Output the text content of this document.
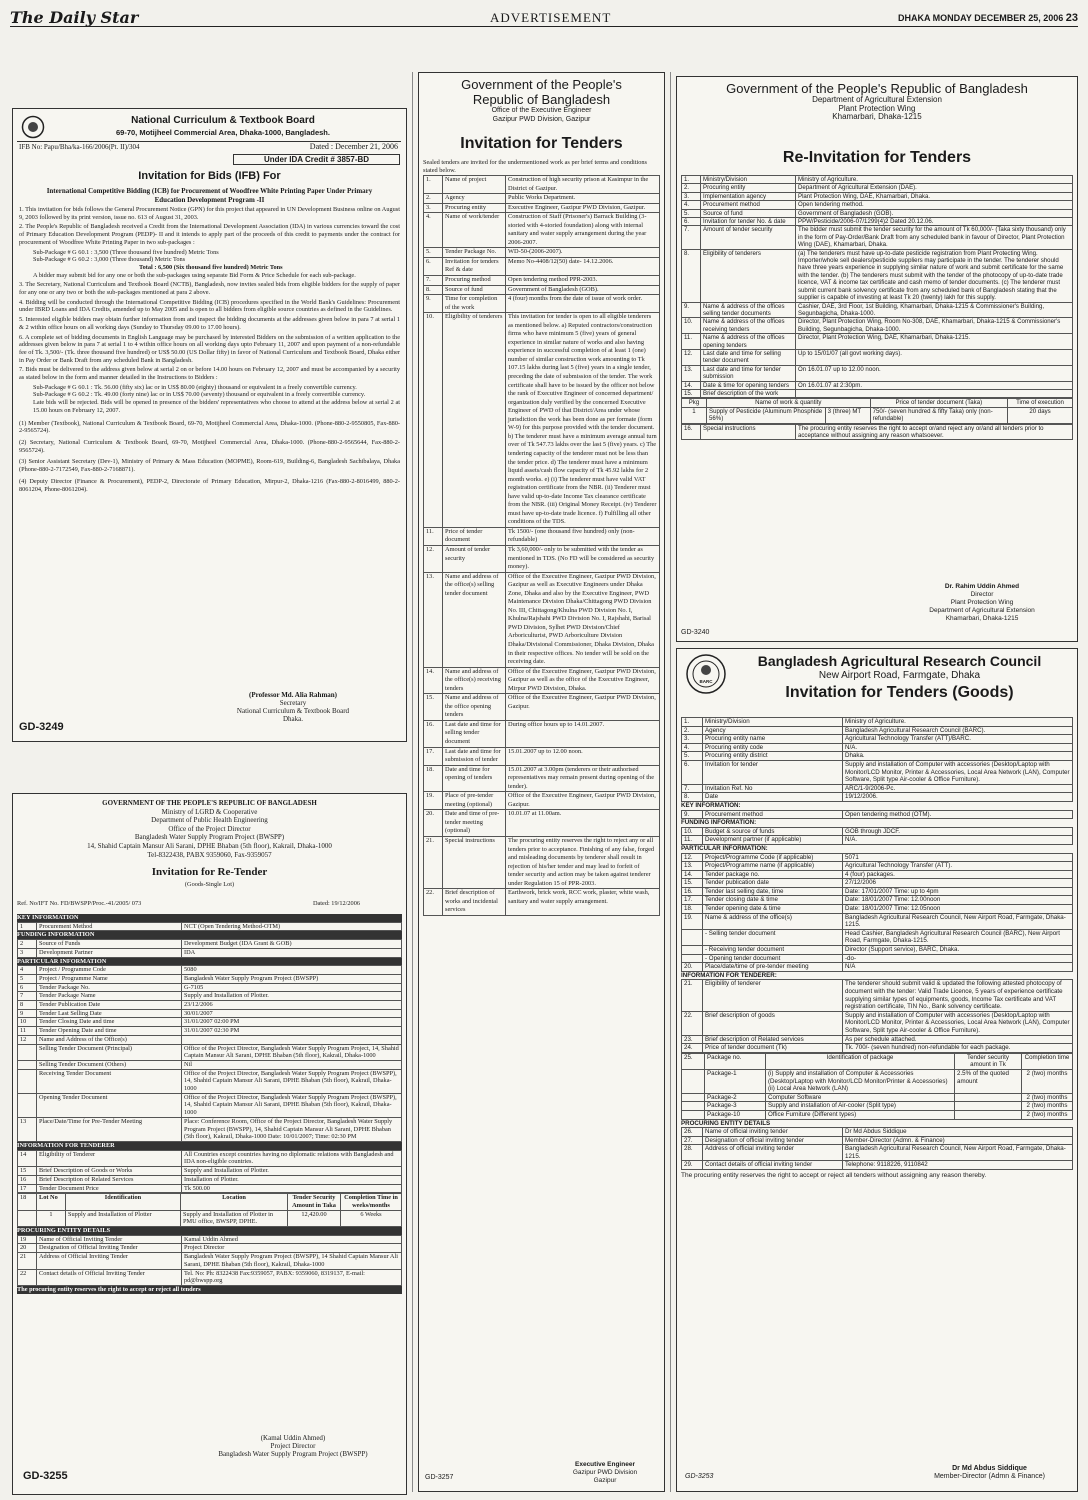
The Daily Star	ADVERTISEMENT	DHAKA MONDAY DECEMBER 25, 2006 23
National Curriculum & Textbook Board
69-70, Motijheel Commercial Area, Dhaka-1000, Bangladesh.
IFB No: Papu/Bha/ka-166/2006(Pt. II)/304	Dated : December 21, 2006
Under IDA Credit # 3857-BD
Invitation for Bids (IFB) For
International Competitive Bidding (ICB) for Procurement of Woodfree White Printing Paper Under Primary Education Development Program -II

1. This invitation for bids follows the General Procurement Notice (GPN) for this project that appeared in UN Development Business online on August 9, 2003 followed by its print version, issue no. 613 of August 31, 2003.

2. The People's Republic of Bangladesh received a Credit from the International Development Association (IDA) in various currencies toward the cost of Primary Education Development Program (PEDP)- II and it intends to apply part of the proceeds of this credit to payments under the contract for procurement of Woodfree White Printing Paper in two sub-packages :

Sub-Package # G 60.1 : 3,500 (Three thousand five hundred) Metric Tons
Sub-Package # G 60.2 : 3,000 (Three thousand) Metric Tons
Total : 6,500 (Six thousand five hundred) Metric Tons

A bidder may submit bid for any one or both the sub-packages using separate Bid Form & Price Schedule for each sub-package.

3. The Secretary, National Curriculum and Textbook Board (NCTB), Bangladesh, now invites sealed bids from eligible bidders for the supply of paper for any one or any two or both the sub-packages mentioned at para 2 above.

4. Bidding will be conducted through the International Competitive Bidding (ICB) procedures specified in the World Bank's Guidelines: Procurement under IBRD Loans and IDA Credits, amended up to May 2005 and is open to all bidders from eligible source countries as defined in the Guidelines.

5. Interested eligible bidders may obtain further information from and inspect the bidding documents at the addresses given below in para 7 at serial 1 & 2 within office hours on all working days (Sunday to Thursday 09.00 to 17.00 hours).

6. A complete set of bidding documents in English Language may be purchased by interested Bidders on the submission of a written application to the addresses given below in para 7 at serial 1 to 4 within office hours on all working days upto February 11, 2007 and upon payment of a non-refundable fee of Tk. 3,500/- (Tk. three thousand five hundred) or US$ 50.00 (US Dollar fifty) in favor of National Curriculum and Textbook Board, Dhaka either in Pay Order or Bank Draft from any scheduled Bank in Bangladesh.

7. Bids must be delivered to the address given below at serial 2 on or before 14.00 hours on February 12, 2007 and must be accompanied by a security as stated below in the form and manner detailed in the Instructions to Bidders :

Sub-Package # G 60.1 : Tk. 56.00 (fifty six) lac or in US$ 80.00 (eighty) thousand or equivalent in a freely convertible currency.
Sub-Package # G 60.2 : Tk. 49.00 (forty nine) lac or in US$ 70.00 (seventy) thousand or equivalent in a freely convertible currency.

Late bids will be rejected. Bids will be opened in presence of the bidders' representatives who choose to attend at the address below at serial 2 at 15.00 hours on February 12, 2007.

(1) Member (Textbook), National Curriculum & Textbook Board, 69-70, Motijheel Commercial Area, Dhaka-1000. (Phone-880-2-9550805, Fax-880-2-9565724).

(2) Secretary, National Curriculum & Textbook Board, 69-70, Motijheel Commercial Area, Dhaka-1000. (Phone-880-2-9565644, Fax-880-2-9565724).

(3) Senior Assistant Secretary (Dev-1), Ministry of Primary & Mass Education (MOPME), Room-619, Building-6, Bangladesh Sachibalaya, Dhaka (Phone-880-2-7172549, Fax-880-2-7168871).

(4) Deputy Director (Finance & Procurement), PEDP-2, Directorate of Primary Education, Mirpur-2, Dhaka-1216 (Fax-880-2-8016499, 880-2-8061204, Phone-8061204).

(Professor Md. Alia Rahman)
Secretary
National Curriculum & Textbook Board
Dhaka.
GD-3249
GOVERNMENT OF THE PEOPLE'S REPUBLIC OF BANGLADESH
Ministry of LGRD & Cooperative
Department of Public Health Engineering
Office of the Project Director
Bangladesh Water Supply Program Project (BWSPP)
14, Shahid Captain Mansur Ali Sarani, DPHE Bhaban (5th floor), Kakrail, Dhaka-1000
Tel-8322438, PABX 9359060, Fax-9359057
Invitation for Re-Tender
(Goods-Single Lot)
Ref. No/IFT No. FD/BWSPP/Proc.-41/2005/ 073	Dated: 19/12/2006
KEY INFORMATION
1	Procurement Method	NCT (Open Tendering Method-OTM)
FUNDING INFORMATION
2	Source of Funds	Development Budget (IDA Grant & GOB)
3	Development Partner	IDA
PARTICULAR INFORMATION
4	Project / Programme Code	5080
5	Project / Programme Name	Bangladesh Water Supply Program Project (BWSPP)
6	Tender Package No.	G-7105
7	Tender Package Name	Supply and Installation of Plotter.
8	Tender Publication Date	23/12/2006
9	Tender Last Selling Date	30/01/2007
10	Tender Closing Date and time	31/01/2007 02:00 PM
11	Tender Opening Date and time	31/01/2007 02:30 PM
12	Name and Address of the Office(s)	
	Selling Tender Document (Principal)	Office of the Project Director, Bangladesh Water Supply Program Project, 14, Shahid Captain Mansur Ali Sarani, DPHE Bhaban (5th floor), Kakrail, Dhaka-1000
	Selling Tender Document (Others)	Nil
	Receiving Tender Document	Office of the Project Director, Bangladesh Water Supply Program Project (BWSPP), 14, Shahid Captain Mansur Ali Sarani, DPHE Bhaban (5th floor), Kakrail, Dhaka-1000
	Opening Tender Document	Office of the Project Director, Bangladesh Water Supply Program Project (BWSPP), 14, Shahid Captain Mansur Ali Sarani, DPHE Bhaban (5th floor), Kakrail, Dhaka-1000
13	Place/Date/Time for Pre-Tender Meeting	Place: Conference Room, Office of the Project Director, Bangladesh Water Supply Program Project (BWSPP), 14, Shahid Captain Mansur Ali Sarani, DPHE Bhaban (5th floor), Kakrail, Dhaka-1000 Date: 10/01/2007; Time: 02:30 PM
INFORMATION FOR TENDERER
14	Eligibility of Tenderer	All Countries except countries having no diplomatic relations with Bangladesh and IDA non-eligible countries.
15	Brief Description of Goods or Works	Supply and Installation of Plotter.
16	Brief Description of Related Services	Installation of Plotter.
17	Tender Document Price	Tk 500.00
18	Lot No	Identification	Location	Tender Security Amount in Taka	Completion Time in weeks/months
	1	Supply and Installation of Plotter	Supply and Installation of Plotter in PMU office, BWSPP, DPHE.	12,420.00	6 Weeks
PROCURING ENTITY DETAILS
19	Name of Official Inviting Tender	Kamal Uddin Ahmed
20	Designation of Official Inviting Tender	Project Director
21	Address of Official Inviting Tender	Bangladesh Water Supply Program Project (BWSPP), 14 Shahid Captain Mansur Ali Sarani, DPHE Bhaban (5th floor), Kakrail, Dhaka-1000
22	Contact details of Official Inviting Tender	Tel. No: Ph: 8322438 Fax:9359057, PABX: 9359060, 8319137, E-mail: pd@bwspp.org
The procuring entity reserves the right to accept or reject all tenders
(Kamal Uddin Ahmed)
Project Director
Bangladesh Water Supply Program Project (BWSPP)
GD-3255
Government of the People's
Republic of Bangladesh
Office of the Executive Engineer
Gazipur PWD Division, Gazipur
Invitation for Tenders
Sealed tenders are invited for the undermentioned work as per brief terms and conditions stated below.
1.	Name of project	Construction of high security prison at Kasimpur in the District of Gazipur.
2.	Agency	Public Works Department.
3.	Procuring entity	Executive Engineer, Gazipur PWD Division, Gazipur.
4.	Name of work/tender	Construction of Staff (Prisoner's) Barrack Building (3-storied with 4-storied foundation) along with internal sanitary and water supply arrangement during the year 2006-2007.
5.	Tender Package No.	WD-50-(2006-2007).
6.	Invitation for tenders Ref & date	Memo No-4408/12(50) date- 14.12.2006.
7.	Procuring method	Open tendering method PPR-2003.
8.	Source of fund	Government of Bangladesh (GOB).
9.	Time for completion of the work	4 (four) months from the date of issue of work order.
10.	Eligibility of tenderers	This invitation for tender is open to all eligible tenderers as mentioned below. a) Reputed contractors/construction firms who have minimum 5 (five) years of general experience in similar nature of works and also having experience in successful completion of at least 1 (one) number of similar construction work amounting to Tk 107.15 lakhs during last 5 (five) years in a single tender, preceding the date of submission of the tender. The work certificate shall have to be issued by the officer not below the rank of Executive Engineer of concerned department/ organization duly verified by the concerned Executive Engineer of PWD of that District/Area under whose jurisdiction the work has been done as per formate (form W-9) for this purpose provided with the tender document. b) The tenderer must have a minimum average annual turn over of Tk 547.73 lakhs over the last 5 (five) years. c) The tendering capacity of the tenderer must not be less than the tender price. d) The tenderer must have a minimum liquid assets/cash flow capacity of Tk 45.92 lakhs for 2 month works. e) (i) The tenderer must have valid VAT registration certificate from the NBR. (ii) Tenderer must have valid up-to-date Income Tax clearance certificate from the NBR. (iii) Original Money Receipt. (iv) Tenderer must have up-to-date trade licence. f) Fulfilling all other conditions of the TDS.
11.	Price of tender document	Tk 1500/- (one thousand five hundred) only (non-refundable)
12.	Amount of tender security	Tk 3,60,000/- only to be submitted with the tender as mentioned in TDS. (No FD will be considered as security money).
13.	Name and address of the office(s) selling tender document	Office of the Executive Engineer, Gazipur PWD Division, Gazipur as well as Executive Engineers under Dhaka Zone, Dhaka and also by the Executive Engineer, PWD Maintenance Division Dhaka/Chittagong PWD Division No. III, Chittagong/Khulna PWD Division No. I, Khulna/Rajshahi PWD Division No. I, Rajshahi, Barisal PWD Division, Sylhet PWD Division/Chief Arboriculturist, PWD Arboriculture Division Dhaka/Divisional Commissioner, Dhaka Division, Dhaka in their respective offices. No tender will be sold on the receiving date.
14.	Name and address of the office(s) receiving tenders	Office of the Executive Engineer, Gazipur PWD Division, Gazipur as well as the office of the Executive Engineer, Mirpur PWD Division, Dhaka.
15.	Name and address of the office opening tenders	Office of the Executive Engineer, Gazipur PWD Division, Gazipur.
16.	Last date and time for selling tender document	During office hours up to 14.01.2007.
17.	Last date and time for submission of tender	15.01.2007 up to 12.00 noon.
18.	Date and time for opening of tenders	15.01.2007 at 3.00pm (tenderers or their authorised representatives may remain present during opening of the tender).
19.	Place of pre-tender meeting (optional)	Office of the Executive Engineer, Gazipur PWD Division, Gazipur.
20.	Date and time of pre-tender meeting (optional)	10.01.07 at 11.00am.
21.	Special instructions	The procuring entity reserves the right to reject any or all tenders prior to acceptance. Finishing of any false, forged and misleading documents by tenderer shall result in rejection of his/her tender and may lead to forfeit of tender security and action may be taken against tenderer under Regulation 15 of PPR-2003.
22.	Brief description of works and incidental services	Earthwork, brick work, RCC work, plaster, white wash, sanitary and water supply arrangement.
Executive Engineer
Gazipur PWD Division
Gazipur
GD-3257
Government of the People's Republic of Bangladesh
Department of Agricultural Extension
Plant Protection Wing
Khamarbari, Dhaka-1215
Re-Invitation for Tenders
1.	Ministry/Division	Ministry of Agriculture.
2.	Procuring entity	Department of Agricultural Extension (DAE).
3.	Implementation agency	Plant Protection Wing, DAE, Khamarbari, Dhaka.
4.	Procurement method	Open tendering method.
5.	Source of fund	Government of Bangladesh (GOB).
6.	Invitation for tender No. & date	PPW/Pesticide/2006-07/1299(4)2 Dated 20.12.06.
7.	Amount of tender security	The bidder must submit the tender security for the amount of Tk 60,000/- (Taka sixty thousand) only in the form of Pay-Order/Bank Draft from any scheduled bank in favour of Director, Plant Protection Wing (DAE), Khamarbari, Dhaka.
8.	Eligibility of tenderers	(a) The tenderers must have up-to-date pesticide registration from Plant Protecting Wing. Importer/whole sell dealers/pesticide suppliers may participate in the tender. The tenderer should have three years experience in supplying similar nature of work and submit certificate for the same with the tender. (b) The tenderers must submit with the tender of the photocopy of up-to-date trade licence, VAT & income tax certificate and cash memo of tender documents. (c) The tenderer must submit current bank solvency certificate from any scheduled bank of Bangladesh stating that the supplier is capable of investing at least Tk 20 (twenty) lakh for this supply.
9.	Name & address of the offices selling tender documents	Cashier, DAE, 3rd Floor, 1st Building, Khamarbari, Dhaka-1215 & Commissioner's Building, Segunbagicha, Dhaka-1000.
10.	Name & address of the offices receiving tenders	Director, Plant Protection Wing, Room No-308, DAE, Khamarbari, Dhaka-1215 & Commissioner's Building, Segunbagicha, Dhaka-1000.
11.	Name & address of the offices opening tenders	Director, Plant Protection Wing, DAE, Khamarbari, Dhaka-1215.
12.	Last date and time for selling tender document	Up to 15/01/07 (all govt working days).
13.	Last date and time for tender submission	On 16.01.07 up to 12.00 noon.
14.	Date & time for opening tenders	On 16.01.07 at 2:30pm.
15.	Brief description of the work	
Pkg	Name of work & quantity		Price of tender document (Taka)	Time of execution
1	Supply of Pesticide (Aluminum Phosphide 56%)	3 (three) MT	750/- (seven hundred & fifty Taka) only (non-refundable)	20 days
16.	Special instructions	The procuring entity reserves the right to accept or/and reject any or/and all tenders prior to acceptance without assigning any reason whatsoever.
Dr. Rahim Uddin Ahmed
Director
Plant Protection Wing
Department of Agricultural Extension
Khamarbari, Dhaka-1215
GD-3240
BARC
Bangladesh Agricultural Research Council
New Airport Road, Farmgate, Dhaka
Invitation for Tenders (Goods)
1.	Ministry/Division	Ministry of Agriculture.
2.	Agency	Bangladesh Agricultural Research Council (BARC).
3.	Procuring entity name	Agricultural Technology Transfer (ATT)/BARC.
4.	Procuring entity code	N/A.
5.	Procuring entity district	Dhaka.
6.	Invitation for tender	Supply and installation of Computer with accessories (Desktop/Laptop with Monitor/LCD Monitor, Printer & Accessories, Local Area Network (LAN), Computer Software, Split type Air-cooler & Office Furniture).
7.	Invitation Ref. No	ARC/1-9/2006-Pc.
8.	Date	19/12/2006.
KEY INFORMATION:
9.	Procurement method	Open tendering method (OTM).
FUNDING INFORMATION:
10.	Budget & source of funds	GOB through JDCF.
11.	Development partner (if applicable)	N/A.
PARTICULAR INFORMATION:
12.	Project/Programme Code (if applicable)	5071
13.	Project/Programme name (if applicable)	Agricultural Technology Transfer (ATT).
14.	Tender package no.	4 (four) packages.
15.	Tender publication date	27/12/2006
16.	Tender last selling date, time	Date: 17/01/2007 Time: up to 4pm
17.	Tender closing date & time	Date: 18/01/2007 Time: 12.00noon
18.	Tender opening date & time	Date: 18/01/2007 Time: 12.05noon
19.	Name & address of the office(s)	Bangladesh Agricultural Research Council, New Airport Road, Farmgate, Dhaka-1215.
	- Selling tender document	Head Cashier, Bangladesh Agricultural Research Council (BARC), New Airport Road, Farmgate, Dhaka-1215.
	- Receiving tender document	Director (Support service), BARC, Dhaka.
	- Opening tender document	-do-
20.	Place/date/time of pre-tender meeting	N/A
INFORMATION FOR TENDERER:
21.	Eligibility of tenderer	The tenderer should submit valid & updated the following attested photocopy of document with the tender: Valid Trade Licence, 5 years of experience certificate supplying similar types of equipments, goods, Income Tax certificate and VAT registration certificate, TIN No., Bank solvency certificate.
22.	Brief description of goods	Supply and installation of Computer with accessories (Desktop/Laptop with Monitor/LCD Monitor, Printer & Accessories, Local Area Network (LAN), Computer Software, Split type Air-cooler & Office Furniture).
23.	Brief description of Related services	As per schedule attached.
24.	Price of tender document (Tk)	Tk. 700/- (seven hundred) non-refundable for each package.
25.	Package no.	Identification of package	Tender security amount in Tk	Completion time
	Package-1	(i) Supply and installation of Computer & Accessories (Desktop/Laptop with Monitor/LCD Monitor/Printer & Accessories) (ii) Local Area Network (LAN)	2.5% of the quoted amount	2 (two) months
	Package-2	Computer Software		2 (two) months
	Package-3	Supply and installation of Air-cooler (Split type)		2 (two) months
	Package-10	Office Furniture (Different types)		2 (two) months
PROCURING ENTITY DETAILS
26.	Name of official inviting tender	Dr Md Abdus Siddique
27.	Designation of official inviting tender	Member-Director (Admn. & Finance)
28.	Address of official inviting tender	Bangladesh Agricultural Research Council, New Airport Road, Farmgate, Dhaka-1215.
29.	Contact details of official inviting tender	Telephone: 9118226, 9110842
The procuring entity reserves the right to accept or reject all tenders without assigning any reason thereby.
Dr Md Abdus Siddique
Member-Director (Admn & Finance)
GD-3253
